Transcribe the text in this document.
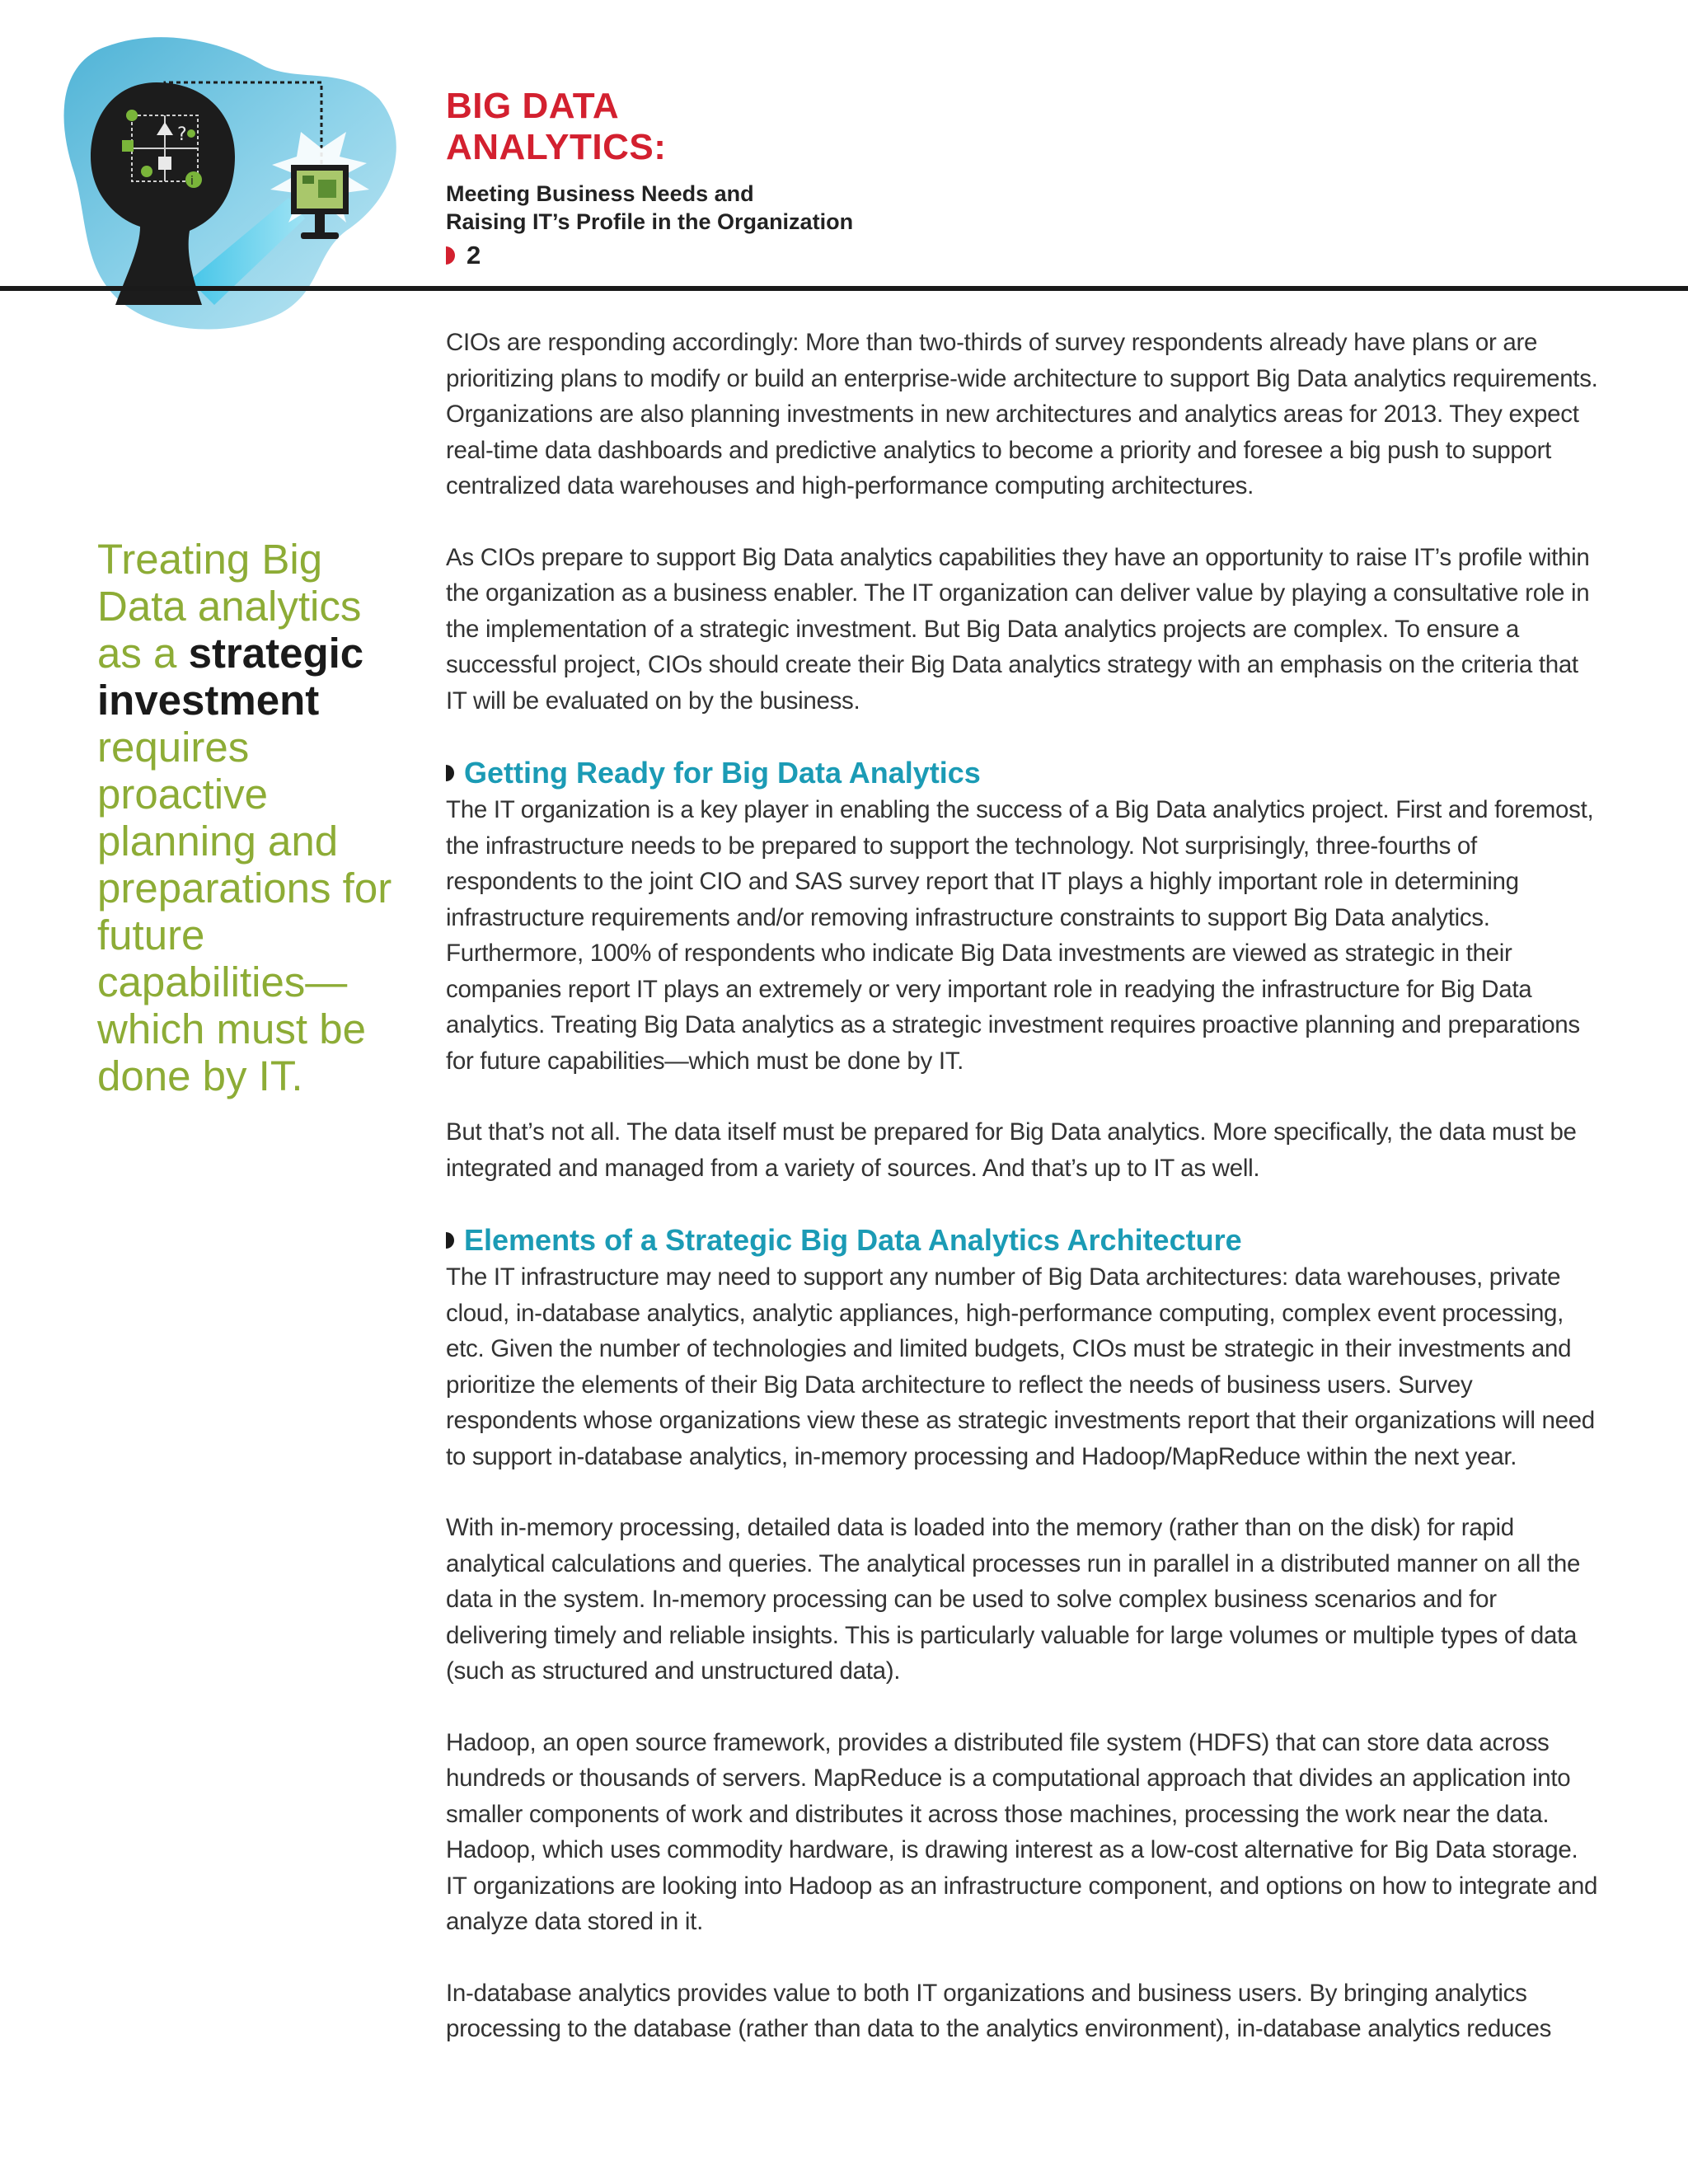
i
?
BIG DATA
ANALYTICS:
Meeting Business Needs and
Raising IT’s Profile in the Organization
2
Treating Big Data analytics as a strategic investment requires proactive planning and preparations for future capabilities—which must be done by IT.

CIOs are responding accordingly: More than two-thirds of survey respondents already have plans or are prioritizing plans to modify or build an enterprise-wide architecture to support Big Data analytics requirements. Organizations are also planning investments in new architectures and analytics areas for 2013. They expect real-time data dashboards and predictive analytics to become a priority and foresee a big push to support centralized data warehouses and high-performance computing architectures.

As CIOs prepare to support Big Data analytics capabilities they have an opportunity to raise IT’s profile within the organization as a business enabler. The IT organization can deliver value by playing a consultative role in the implementation of a strategic investment. But Big Data analytics projects are complex. To ensure a successful project, CIOs should create their Big Data analytics strategy with an emphasis on the criteria that IT will be evaluated on by the business.

Getting Ready for Big Data Analytics

The IT organization is a key player in enabling the success of a Big Data analytics project. First and foremost, the infrastructure needs to be prepared to support the technology. Not surprisingly, three-fourths of respondents to the joint CIO and SAS survey report that IT plays a highly important role in determining infrastructure requirements and/or removing infrastructure constraints to support Big Data analytics. Furthermore, 100% of respondents who indicate Big Data investments are viewed as strategic in their companies report IT plays an extremely or very important role in readying the infrastructure for Big Data analytics. Treating Big Data analytics as a strategic investment requires proactive planning and preparations for future capabilities—which must be done by IT.

But that’s not all. The data itself must be prepared for Big Data analytics. More specifically, the data must be integrated and managed from a variety of sources. And that’s up to IT as well.

Elements of a Strategic Big Data Analytics Architecture

The IT infrastructure may need to support any number of Big Data architectures: data warehouses, private cloud, in-database analytics, analytic appliances, high-performance computing, complex event processing, etc. Given the number of technologies and limited budgets, CIOs must be strategic in their investments and prioritize the elements of their Big Data architecture to reflect the needs of business users. Survey respondents whose organizations view these as strategic investments report that their organizations will need to support in-database analytics, in-memory processing and Hadoop/MapReduce within the next year.

With in-memory processing, detailed data is loaded into the memory (rather than on the disk) for rapid analytical calculations and queries. The analytical processes run in parallel in a distributed manner on all the data in the system. In-memory processing can be used to solve complex business scenarios and for delivering timely and reliable insights. This is particularly valuable for large volumes or multiple types of data (such as structured and unstructured data).

Hadoop, an open source framework, provides a distributed file system (HDFS) that can store data across hundreds or thousands of servers. MapReduce is a computational approach that divides an application into smaller components of work and distributes it across those machines, processing the work near the data. Hadoop, which uses commodity hardware, is drawing interest as a low-cost alternative for Big Data storage. IT organizations are looking into Hadoop as an infrastructure component, and options on how to integrate and analyze data stored in it.

In-database analytics provides value to both IT organizations and business users. By bringing analytics processing to the database (rather than data to the analytics environment), in-database analytics reduces
